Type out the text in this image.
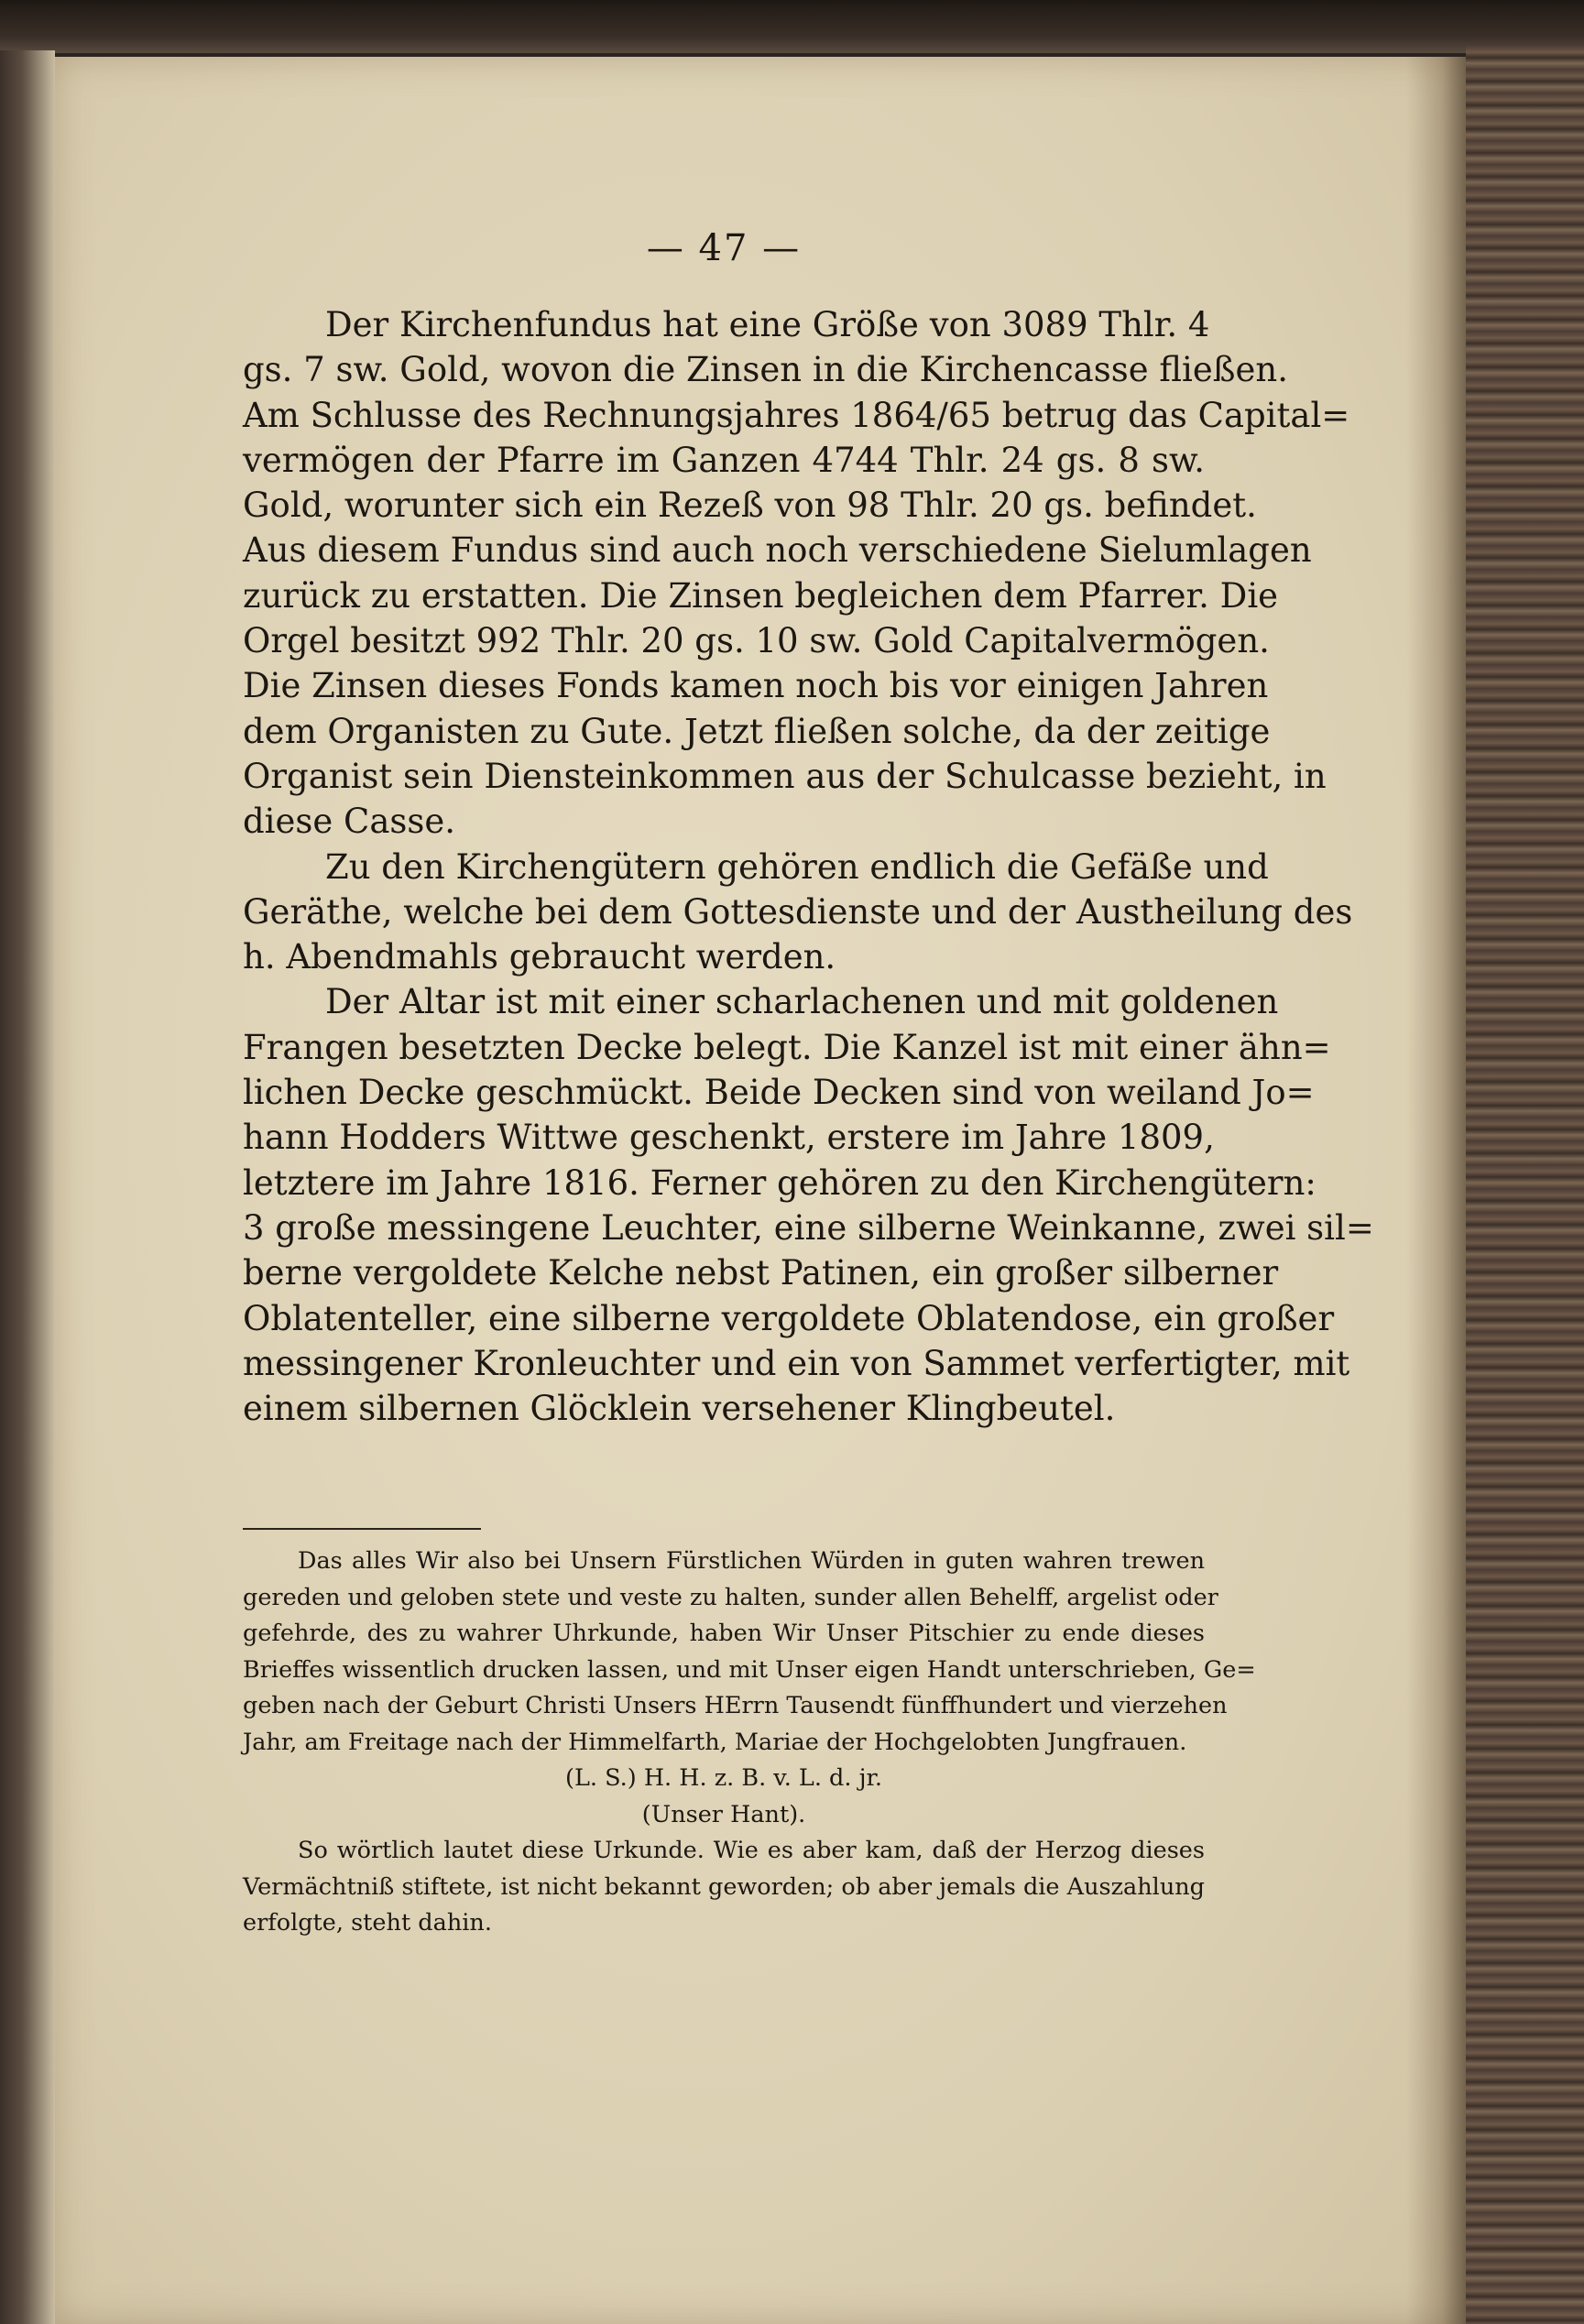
— 47 —
Der Kirchenfundus hat eine Größe von 3089 Thlr. 4
gs. 7 sw. Gold, wovon die Zinsen in die Kirchencasse fließen.
Am Schlusse des Rechnungsjahres 1864/65 betrug das Capital=
vermögen der Pfarre im Ganzen 4744 Thlr. 24 gs. 8 sw.
Gold, worunter sich ein Rezeß von 98 Thlr. 20 gs. befindet.
Aus diesem Fundus sind auch noch verschiedene Sielumlagen
zurück zu erstatten. Die Zinsen begleichen dem Pfarrer. Die
Orgel besitzt 992 Thlr. 20 gs. 10 sw. Gold Capitalvermögen.
Die Zinsen dieses Fonds kamen noch bis vor einigen Jahren
dem Organisten zu Gute. Jetzt fließen solche, da der zeitige
Organist sein Diensteinkommen aus der Schulcasse bezieht, in
diese Casse.
Zu den Kirchengütern gehören endlich die Gefäße und
Geräthe, welche bei dem Gottesdienste und der Austheilung des
h. Abendmahls gebraucht werden.
Der Altar ist mit einer scharlachenen und mit goldenen
Frangen besetzten Decke belegt. Die Kanzel ist mit einer ähn=
lichen Decke geschmückt. Beide Decken sind von weiland Jo=
hann Hodders Wittwe geschenkt, erstere im Jahre 1809,
letztere im Jahre 1816. Ferner gehören zu den Kirchengütern:
3 große messingene Leuchter, eine silberne Weinkanne, zwei sil=
berne vergoldete Kelche nebst Patinen, ein großer silberner
Oblatenteller, eine silberne vergoldete Oblatendose, ein großer
messingener Kronleuchter und ein von Sammet verfertigter, mit
einem silbernen Glöcklein versehener Klingbeutel.
Das alles Wir also bei Unsern Fürstlichen Würden in guten wahren trewen
gereden und geloben stete und veste zu halten, sunder allen Behelff, argelist oder
gefehrde, des zu wahrer Uhrkunde, haben Wir Unser Pitschier zu ende dieses
Brieffes wissentlich drucken lassen, und mit Unser eigen Handt unterschrieben, Ge=
geben nach der Geburt Christi Unsers HErrn Tausendt fünffhundert und vierzehen
Jahr, am Freitage nach der Himmelfarth, Mariae der Hochgelobten Jungfrauen.
(L. S.) H. H. z. B. v. L. d. jr.
(Unser Hant).
So wörtlich lautet diese Urkunde. Wie es aber kam, daß der Herzog dieses
Vermächtniß stiftete, ist nicht bekannt geworden; ob aber jemals die Auszahlung
erfolgte, steht dahin.
